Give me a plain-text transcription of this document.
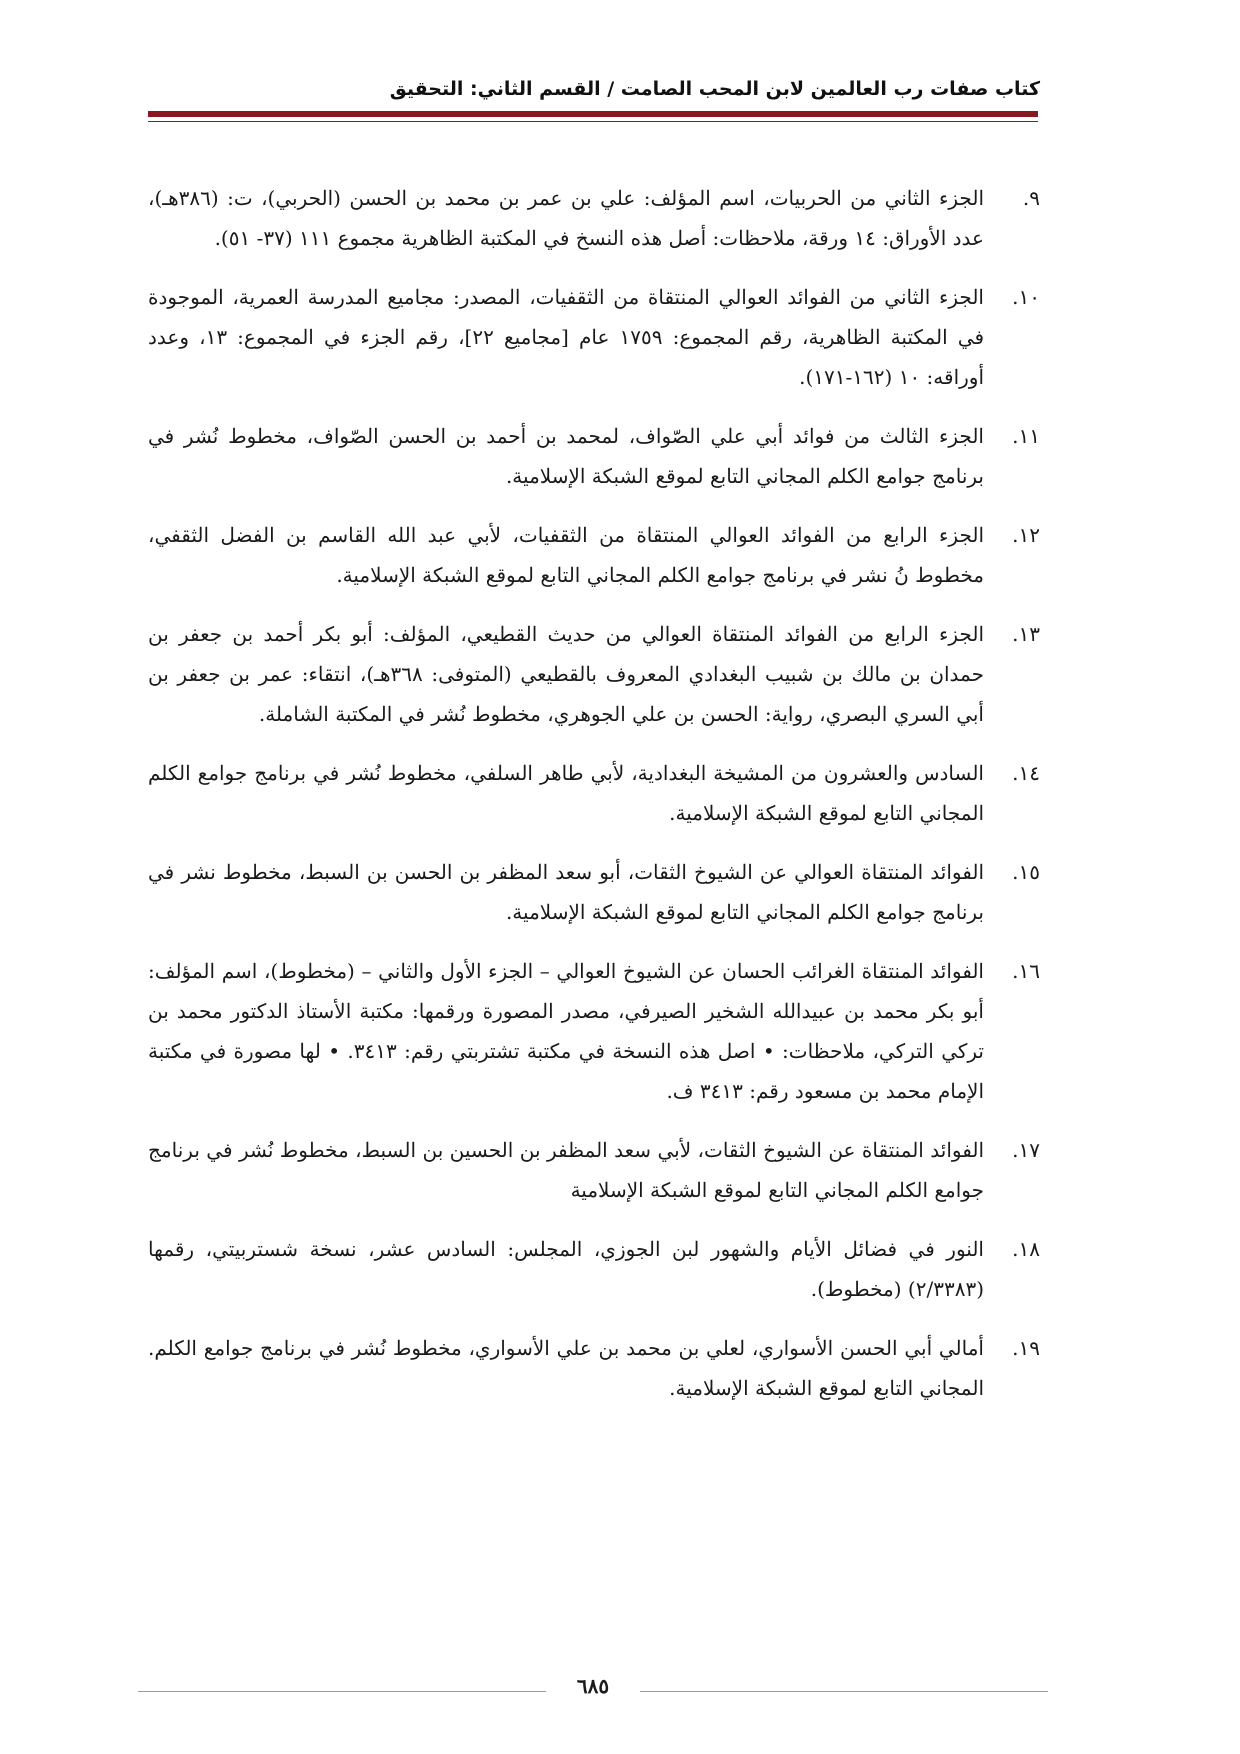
كتاب صفات رب العالمين لابن المحب الصامت / القسم الثاني: التحقيق
٩.
الجزء الثاني من الحربيات، اسم المؤلف: علي بن عمر بن محمد بن الحسن (الحربي)، ت: (٣٨٦هـ)، عدد الأوراق: ١٤ ورقة، ملاحظات: أصل هذه النسخ في المكتبة الظاهرية مجموع ١١١ (٣٧- ٥١).
١٠.
الجزء الثاني من الفوائد العوالي المنتقاة من الثقفيات، المصدر: مجاميع المدرسة العمرية، الموجودة في المكتبة الظاهرية، رقم المجموع: ١٧٥٩ عام [مجاميع ٢٢]، رقم الجزء في المجموع: ١٣، وعدد أوراقه: ١٠ (١٦٢-١٧١).
١١.
الجزء الثالث من فوائد أبي علي الصّواف، لمحمد بن أحمد بن الحسن الصّواف، مخطوط نُشر في برنامج جوامع الكلم المجاني التابع لموقع الشبكة الإسلامية.
١٢.
الجزء الرابع من الفوائد العوالي المنتقاة من الثقفيات، لأبي عبد الله القاسم بن الفضل الثقفي، مخطوط نُ نشر في برنامج جوامع الكلم المجاني التابع لموقع الشبكة الإسلامية.
١٣.
الجزء الرابع من الفوائد المنتقاة العوالي من حديث القطيعي، المؤلف: أبو بكر أحمد بن جعفر بن حمدان بن مالك بن شبيب البغدادي المعروف بالقطيعي (المتوفى: ٣٦٨هـ)، انتقاء: عمر بن جعفر بن أبي السري البصري، رواية: الحسن بن علي الجوهري، مخطوط نُشر في المكتبة الشاملة.
١٤.
السادس والعشرون من المشيخة البغدادية، لأبي طاهر السلفي، مخطوط نُشر في برنامج جوامع الكلم المجاني التابع لموقع الشبكة الإسلامية.
١٥.
الفوائد المنتقاة العوالي عن الشيوخ الثقات، أبو سعد المظفر بن الحسن بن السبط، مخطوط نشر في برنامج جوامع الكلم المجاني التابع لموقع الشبكة الإسلامية.
١٦.
الفوائد المنتقاة الغرائب الحسان عن الشيوخ العوالي – الجزء الأول والثاني – (مخطوط)، اسم المؤلف: أبو بكر محمد بن عبيدالله الشخير الصيرفي، مصدر المصورة ورقمها: مكتبة الأستاذ الدكتور محمد بن تركي التركي، ملاحظات: • اصل هذه النسخة في مكتبة تشتربتي رقم: ٣٤١٣. • لها مصورة في مكتبة الإمام محمد بن مسعود رقم: ٣٤١٣ ف.
١٧.
الفوائد المنتقاة عن الشيوخ الثقات، لأبي سعد المظفر بن الحسين بن السبط، مخطوط نُشر في برنامج جوامع الكلم المجاني التابع لموقع الشبكة الإسلامية
١٨.
النور في فضائل الأيام والشهور لبن الجوزي، المجلس: السادس عشر، نسخة شستربيتي، رقمها (٢/٣٣٨٣) (مخطوط).
١٩.
أمالي أبي الحسن الأسواري، لعلي بن محمد بن علي الأسواري، مخطوط نُشر في برنامج جوامع الكلم. المجاني التابع لموقع الشبكة الإسلامية.
٦٨٥
